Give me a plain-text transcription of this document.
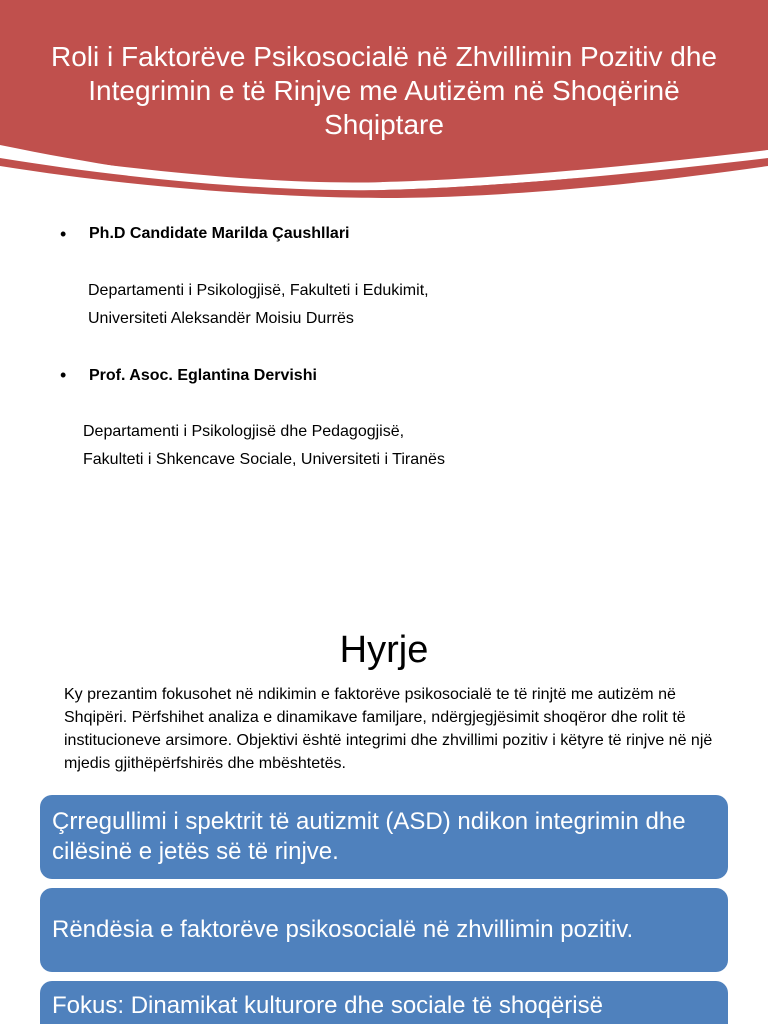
Roli i Faktorëve Psikosocialë në Zhvillimin Pozitiv dhe Integrimin e të Rinjve me Autizëm në Shoqërinë Shqiptare
• Ph.D Candidate Marilda Çaushllari
Departamenti i Psikologjisë, Fakulteti i Edukimit,
Universiteti Aleksandër Moisiu Durrës
• Prof. Asoc. Eglantina Dervishi
Departamenti i Psikologjisë dhe Pedagogjisë,
Fakulteti i Shkencave Sociale, Universiteti i Tiranës
Hyrje

Ky prezantim fokusohet në ndikimin e faktorëve psikosocialë te të rinjtë me autizëm në Shqipëri. Përfshihet analiza e dinamikave familjare, ndërgjegjësimit shoqëror dhe rolit të institucioneve arsimore. Objektivi është integrimi dhe zhvillimi pozitiv i këtyre të rinjve në një mjedis gjithëpërfshirës dhe mbështetës.

Çrregullimi i spektrit të autizmit (ASD) ndikon integrimin dhe cilësinë e jetës së të rinjve.
Rëndësia e faktorëve psikosocialë në zhvillimin pozitiv.
Fokus: Dinamikat kulturore dhe sociale të shoqërisë
